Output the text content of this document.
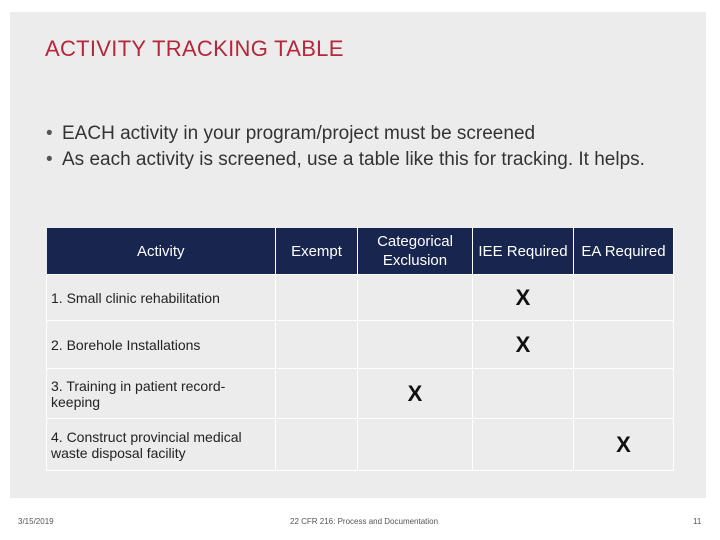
ACTIVITY TRACKING TABLE
• EACH activity in your program/project must be screened
• As each activity is screened, use a table like this for tracking. It helps.
Activity	Exempt	Categorical Exclusion	IEE Required	EA Required
1. Small clinic rehabilitation			X	
2. Borehole Installations			X	
3. Training in patient record-keeping		X		
4. Construct provincial medical waste disposal facility				X
3/15/2019	22 CFR 216: Process and Documentation	11
